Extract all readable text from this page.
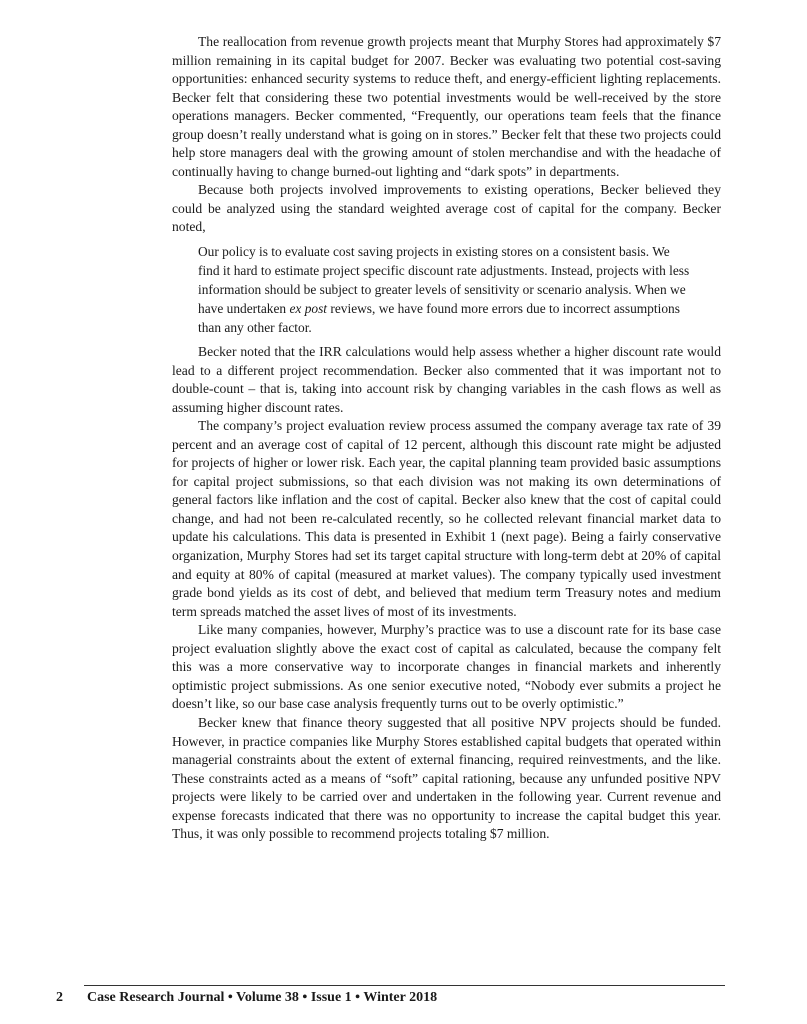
The reallocation from revenue growth projects meant that Murphy Stores had approximately $7 million remaining in its capital budget for 2007. Becker was evaluating two potential cost-saving opportunities: enhanced security systems to reduce theft, and energy-efficient lighting replacements. Becker felt that considering these two potential investments would be well-received by the store operations managers. Becker commented, “Frequently, our operations team feels that the finance group doesn’t really understand what is going on in stores.” Becker felt that these two projects could help store managers deal with the growing amount of stolen merchandise and with the headache of continually having to change burned-out lighting and “dark spots” in departments.

Because both projects involved improvements to existing operations, Becker believed they could be analyzed using the standard weighted average cost of capital for the company. Becker noted,

Our policy is to evaluate cost saving projects in existing stores on a consistent basis. We find it hard to estimate project specific discount rate adjustments. Instead, projects with less information should be subject to greater levels of sensitivity or scenario analysis. When we have undertaken ex post reviews, we have found more errors due to incorrect assumptions than any other factor.

Becker noted that the IRR calculations would help assess whether a higher discount rate would lead to a different project recommendation. Becker also commented that it was important not to double-count – that is, taking into account risk by changing variables in the cash flows as well as assuming higher discount rates.

The company’s project evaluation review process assumed the company average tax rate of 39 percent and an average cost of capital of 12 percent, although this discount rate might be adjusted for projects of higher or lower risk. Each year, the capital planning team provided basic assumptions for capital project submissions, so that each division was not making its own determinations of general factors like inflation and the cost of capital. Becker also knew that the cost of capital could change, and had not been re-calculated recently, so he collected relevant financial market data to update his calculations. This data is presented in Exhibit 1 (next page). Being a fairly conservative organization, Murphy Stores had set its target capital structure with long-term debt at 20% of capital and equity at 80% of capital (measured at market values). The company typically used investment grade bond yields as its cost of debt, and believed that medium term Treasury notes and medium term spreads matched the asset lives of most of its investments.

Like many companies, however, Murphy’s practice was to use a discount rate for its base case project evaluation slightly above the exact cost of capital as calculated, because the company felt this was a more conservative way to incorporate changes in financial markets and inherently optimistic project submissions. As one senior executive noted, “Nobody ever submits a project he doesn’t like, so our base case analysis frequently turns out to be overly optimistic.”

Becker knew that finance theory suggested that all positive NPV projects should be funded. However, in practice companies like Murphy Stores established capital budgets that operated within managerial constraints about the extent of external financing, required reinvestments, and the like. These constraints acted as a means of “soft” capital rationing, because any unfunded positive NPV projects were likely to be carried over and undertaken in the following year. Current revenue and expense forecasts indicated that there was no opportunity to increase the capital budget this year. Thus, it was only possible to recommend projects totaling $7 million.

2 Case Research Journal • Volume 38 • Issue 1 • Winter 2018
